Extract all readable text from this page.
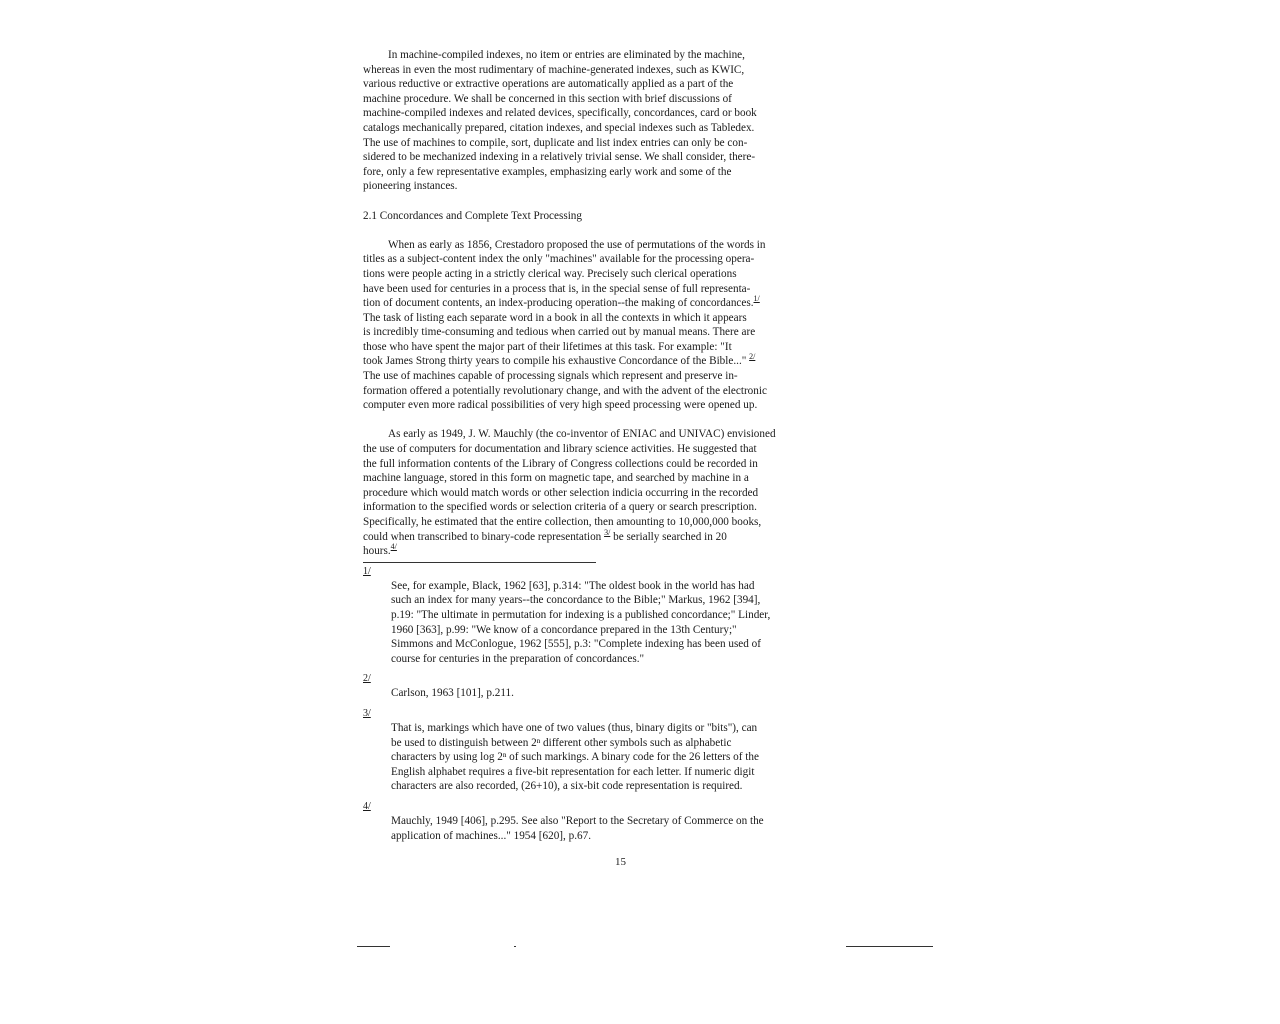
In machine-compiled indexes, no item or entries are eliminated by the machine,
whereas in even the most rudimentary of machine-generated indexes, such as KWIC,
various reductive or extractive operations are automatically applied as a part of the
machine procedure. We shall be concerned in this section with brief discussions of
machine-compiled indexes and related devices, specifically, concordances, card or book
catalogs mechanically prepared, citation indexes, and special indexes such as Tabledex.
The use of machines to compile, sort, duplicate and list index entries can only be con-
sidered to be mechanized indexing in a relatively trivial sense. We shall consider, there-
fore, only a few representative examples, emphasizing early work and some of the
pioneering instances.

2.1 Concordances and Complete Text Processing

When as early as 1856, Crestadoro proposed the use of permutations of the words in
titles as a subject-content index the only "machines" available for the processing opera-
tions were people acting in a strictly clerical way. Precisely such clerical operations
have been used for centuries in a process that is, in the special sense of full representa-
tion of document contents, an index-producing operation--the making of concordances.$^{1/}$
The task of listing each separate word in a book in all the contexts in which it appears
is incredibly time-consuming and tedious when carried out by manual means. There are
those who have spent the major part of their lifetimes at this task. For example: "It
took James Strong thirty years to compile his exhaustive Concordance of the Bible..." $^{2/}$
The use of machines capable of processing signals which represent and preserve in-
formation offered a potentially revolutionary change, and with the advent of the electronic
computer even more radical possibilities of very high speed processing were opened up.

As early as 1949, J. W. Mauchly (the co-inventor of ENIAC and UNIVAC) envisioned
the use of computers for documentation and library science activities. He suggested that
the full information contents of the Library of Congress collections could be recorded in
machine language, stored in this form on magnetic tape, and searched by machine in a
procedure which would match words or other selection indicia occurring in the recorded
information to the specified words or selection criteria of a query or search prescription.
Specifically, he estimated that the entire collection, then amounting to 10,000,000 books,
could when transcribed to binary-code representation $^{3/}$ be serially searched in 20
hours.$^{4/}$

1/
See, for example, Black, 1962 [63], p.314: "The oldest book in the world has had
such an index for many years--the concordance to the Bible;" Markus, 1962 [394],
p.19: "The ultimate in permutation for indexing is a published concordance;" Linder,
1960 [363], p.99: "We know of a concordance prepared in the 13th Century;"
Simmons and McConlogue, 1962 [555], p.3: "Complete indexing has been used of
course for centuries in the preparation of concordances."
2/
Carlson, 1963 [101], p.211.
3/
That is, markings which have one of two values (thus, binary digits or "bits"), can
be used to distinguish between 2ⁿ different other symbols such as alphabetic
characters by using log 2ⁿ of such markings. A binary code for the 26 letters of the
English alphabet requires a five-bit representation for each letter. If numeric digit
characters are also recorded, (26+10), a six-bit code representation is required.
4/
Mauchly, 1949 [406], p.295. See also "Report to the Secretary of Commerce on the
application of machines..." 1954 [620], p.67.
15
